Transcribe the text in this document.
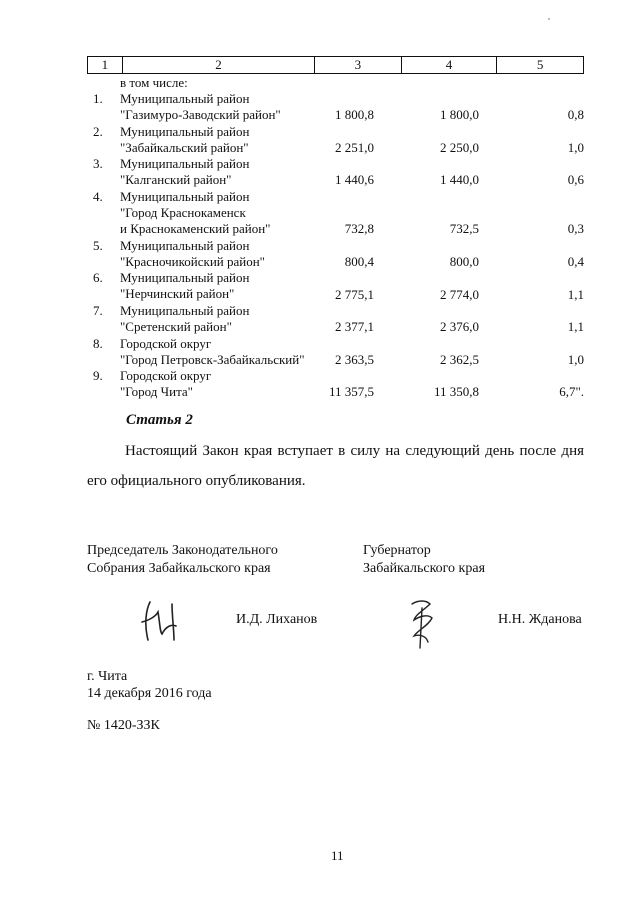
1	2	3	4	5
в том числе:
1.	Муниципальный район
"Газимуро-Заводский район"	1 800,8	1 800,0	0,8
2.	Муниципальный район
"Забайкальский район"	2 251,0	2 250,0	1,0
3.	Муниципальный район
"Калганский район"	1 440,6	1 440,0	0,6
4.	Муниципальный район
"Город Краснокаменск
и Краснокаменский район"	732,8	732,5	0,3
5.	Муниципальный район
"Красночикойский район"	800,4	800,0	0,4
6.	Муниципальный район
"Нерчинский район"	2 775,1	2 774,0	1,1
7.	Муниципальный район
"Сретенский район"	2 377,1	2 376,0	1,1
8.	Городской округ
"Город Петровск-Забайкальский"	2 363,5	2 362,5	1,0
9.	Городской округ
"Город Чита"	11 357,5	11 350,8	6,7".
Статья 2
Настоящий Закон края вступает в силу на следующий день после дня
его официального опубликования.
Председатель Законодательного
Собрания Забайкальского края
Губернатор
Забайкальского края
И.Д. Лиханов	Н.Н. Жданова
г. Чита
14 декабря 2016 года
№ 1420-ЗЗК
11
